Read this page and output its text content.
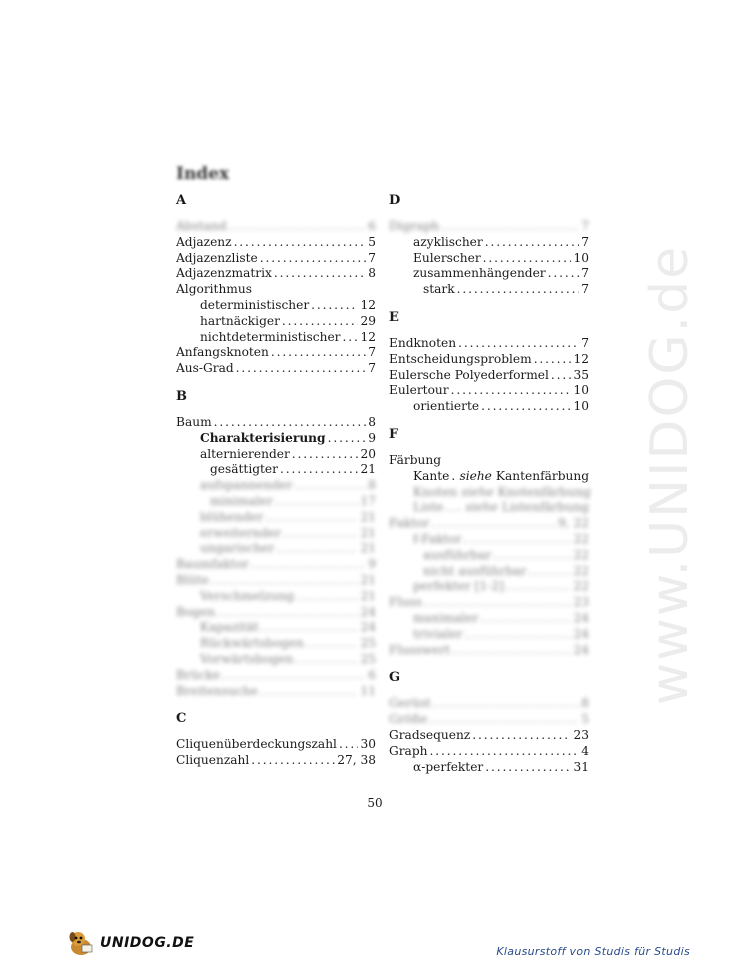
www.UNIDOG.de
Index
A
Abstand . . .	6
Adjazenz . . .	5
Adjazenzliste . . .	7
Adjazenzmatrix . . .	8
Algorithmus
deterministischer . . .	12
hartnäckiger . . .	29
nichtdeterministischer . . . 12
Anfangsknoten . . .	7
Aus-Grad . . .	7
B
Baum . . .	8
Charakterisierung . . .	9
alternierender . . .	20
gesättigter . . .	21
aufspannender . . .	8
minimaler . . .	17
blühender . . .	21
erweiternder . . .	21
ungarischer . . .	21
Baumfaktor . . .	9
Blüte . . .	21
Verschmelzung . . .	21
Bogen . . .	24
Kapazität . . .	24
Rückwärtsbogen . . .	25
Vorwärtsbogen . . .	25
Brücke . . .	6
Breitensuche . . .	11
C
Cliquenüberdeckungszahl . . . 30
Cliquenzahl . . .	27, 38
D
Digraph . . .	7
azyklischer . . .	7
Eulerscher . . .	10
zusammenhängender . . .	7
stark . . .	7
E
Endknoten . . .	7
Entscheidungsproblem . . .	12
Eulersche Polyederformel . . . 35
Eulertour . . .	10
orientierte . . .	10
F
Färbung
Kante . . . siehe Kantenfärbung
Knoten siehe Knotenfärbung
Liste . . . siehe Listenfärbung
Faktor . . .	9, 22
f-Faktor . . .	22
ausführbar . . .	22
nicht ausführbar . . .	22
perfekter [1-2] . . .	22
Fluss . . .	23
maximaler . . .	24
trivialer . . .	24
Flusswert . . .	24
G
Gerüst . . .	8
Größe . . .	5
Gradsequenz . . .	23
Graph . . .	4
α-perfekter . . .	31
50
UNIDOG.DE
Klausurstoff von Studis für Studis
